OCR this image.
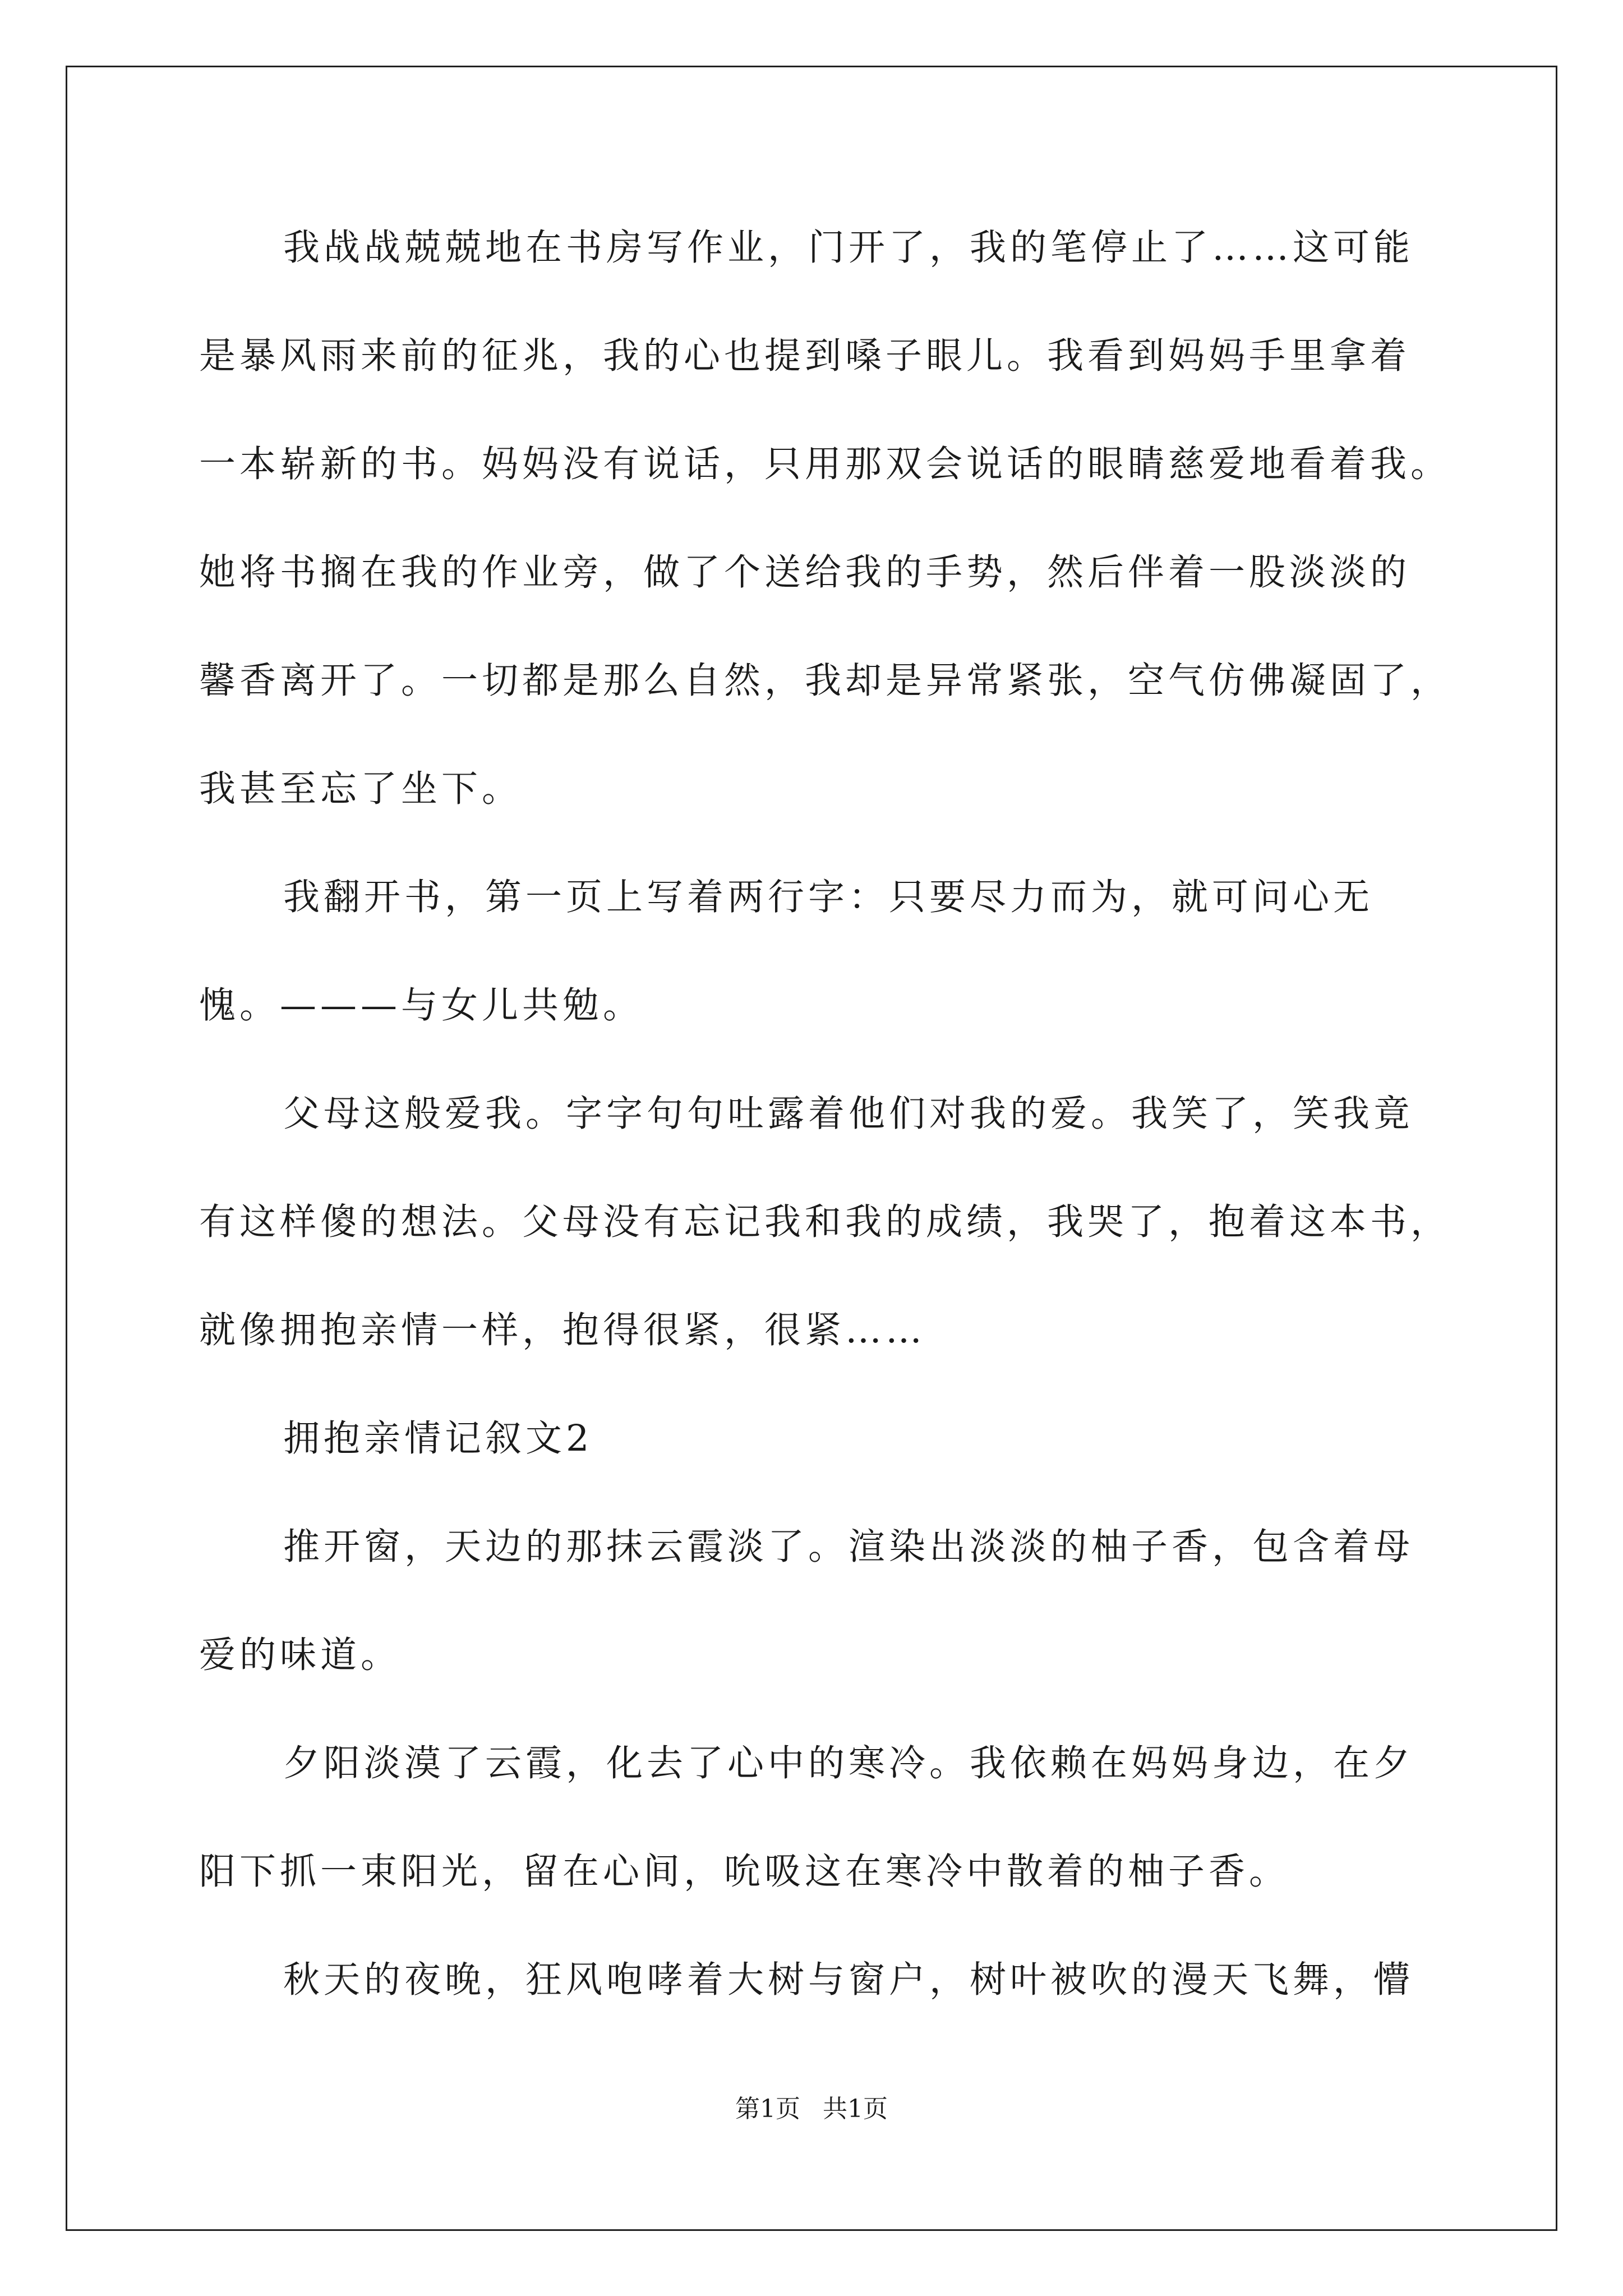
我战战兢兢地在书房写作业，门开了，我的笔停止了……这可能
是暴风雨来前的征兆，我的心也提到嗓子眼儿。我看到妈妈手里拿着
一本崭新的书。妈妈没有说话，只用那双会说话的眼睛慈爱地看着我。
她将书搁在我的作业旁，做了个送给我的手势，然后伴着一股淡淡的
馨香离开了。一切都是那么自然，我却是异常紧张，空气仿佛凝固了，
我甚至忘了坐下。
我翻开书，第一页上写着两行字：只要尽力而为，就可问心无
愧。———与女儿共勉。
父母这般爱我。字字句句吐露着他们对我的爱。我笑了，笑我竟
有这样傻的想法。父母没有忘记我和我的成绩，我哭了，抱着这本书，
就像拥抱亲情一样，抱得很紧，很紧……
拥抱亲情记叙文2
推开窗，天边的那抹云霞淡了。渲染出淡淡的柚子香，包含着母
爱的味道。
夕阳淡漠了云霞，化去了心中的寒冷。我依赖在妈妈身边，在夕
阳下抓一束阳光，留在心间，吮吸这在寒冷中散着的柚子香。
秋天的夜晚，狂风咆哮着大树与窗户，树叶被吹的漫天飞舞，懵
第1页 共1页
